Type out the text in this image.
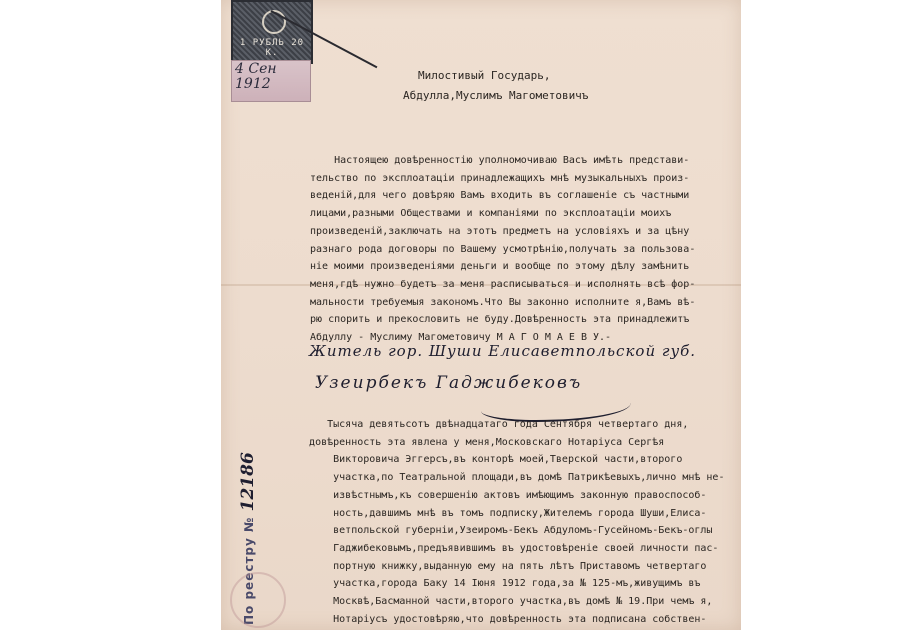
1 РУБЛЬ 20 К.
4 Сен
1912
Милостивый Государь,
Абдулла,Муслимъ Магометовичъ
Настоящею довѣренностію уполномочиваю Васъ имѣть представи-
тельство по эксплоатаціи принадлежащихъ мнѣ музыкальныхъ произ-
веденій,для чего довѣряю Вамъ входить въ соглашеніе съ частными
лицами,разными Обществами и компаніями по эксплоатаціи моихъ
произведеній,заключать на этотъ предметъ на условіяхъ и за цѣну
разнаго рода договоры по Вашему усмотрѣнію,получать за пользова-
ніе моими произведеніями деньги и вообще по этому дѣлу замѣнить
меня,гдѣ нужно будетъ за меня расписываться и исполнять всѣ фор-
мальности требуемыя закономъ.Что Вы законно исполните я,Вамъ вѣ-
рю спорить и прекословить не буду.Довѣренность эта принадлежитъ
Абдуллу - Муслиму Магометовичу М А Г О М А Е В У.-
Житель гор. Шуши Елисаветпольской губ.
Узеирбекъ Гаджибековъ
Тысяча девятьсотъ двѣнадцатаго года Сентября четвертаго дня,
довѣренность эта явлена у меня,Московскаго Нотаріуса Сергѣя
Викторовича Эггерсъ,въ конторѣ моей,Тверской части,второго
участка,по Театральной площади,въ домѣ Патрикѣевыхъ,лично мнѣ не-
извѣстнымъ,къ совершенію актовъ имѣющимъ законную правоспособ-
ность,давшимъ мнѣ въ томъ подписку,Жителемъ города Шуши,Елиса-
ветпольской губерніи,Узеиромъ-Бекъ Абдуломъ-Гусейномъ-Бекъ-оглы
Гаджибековымъ,предъявившимъ въ удостовѣреніе своей личности пас-
портную книжку,выданную ему на пять лѣтъ Приставомъ четвертаго
участка,города Баку 14 Іюня 1912 года,за № 125-мъ,живущимъ въ
Москвѣ,Басманной части,второго участка,въ домѣ № 19.При чемъ я,
Нотаріусъ удостовѣряю,что довѣренность эта подписана собствен-
По реестру № 12186
